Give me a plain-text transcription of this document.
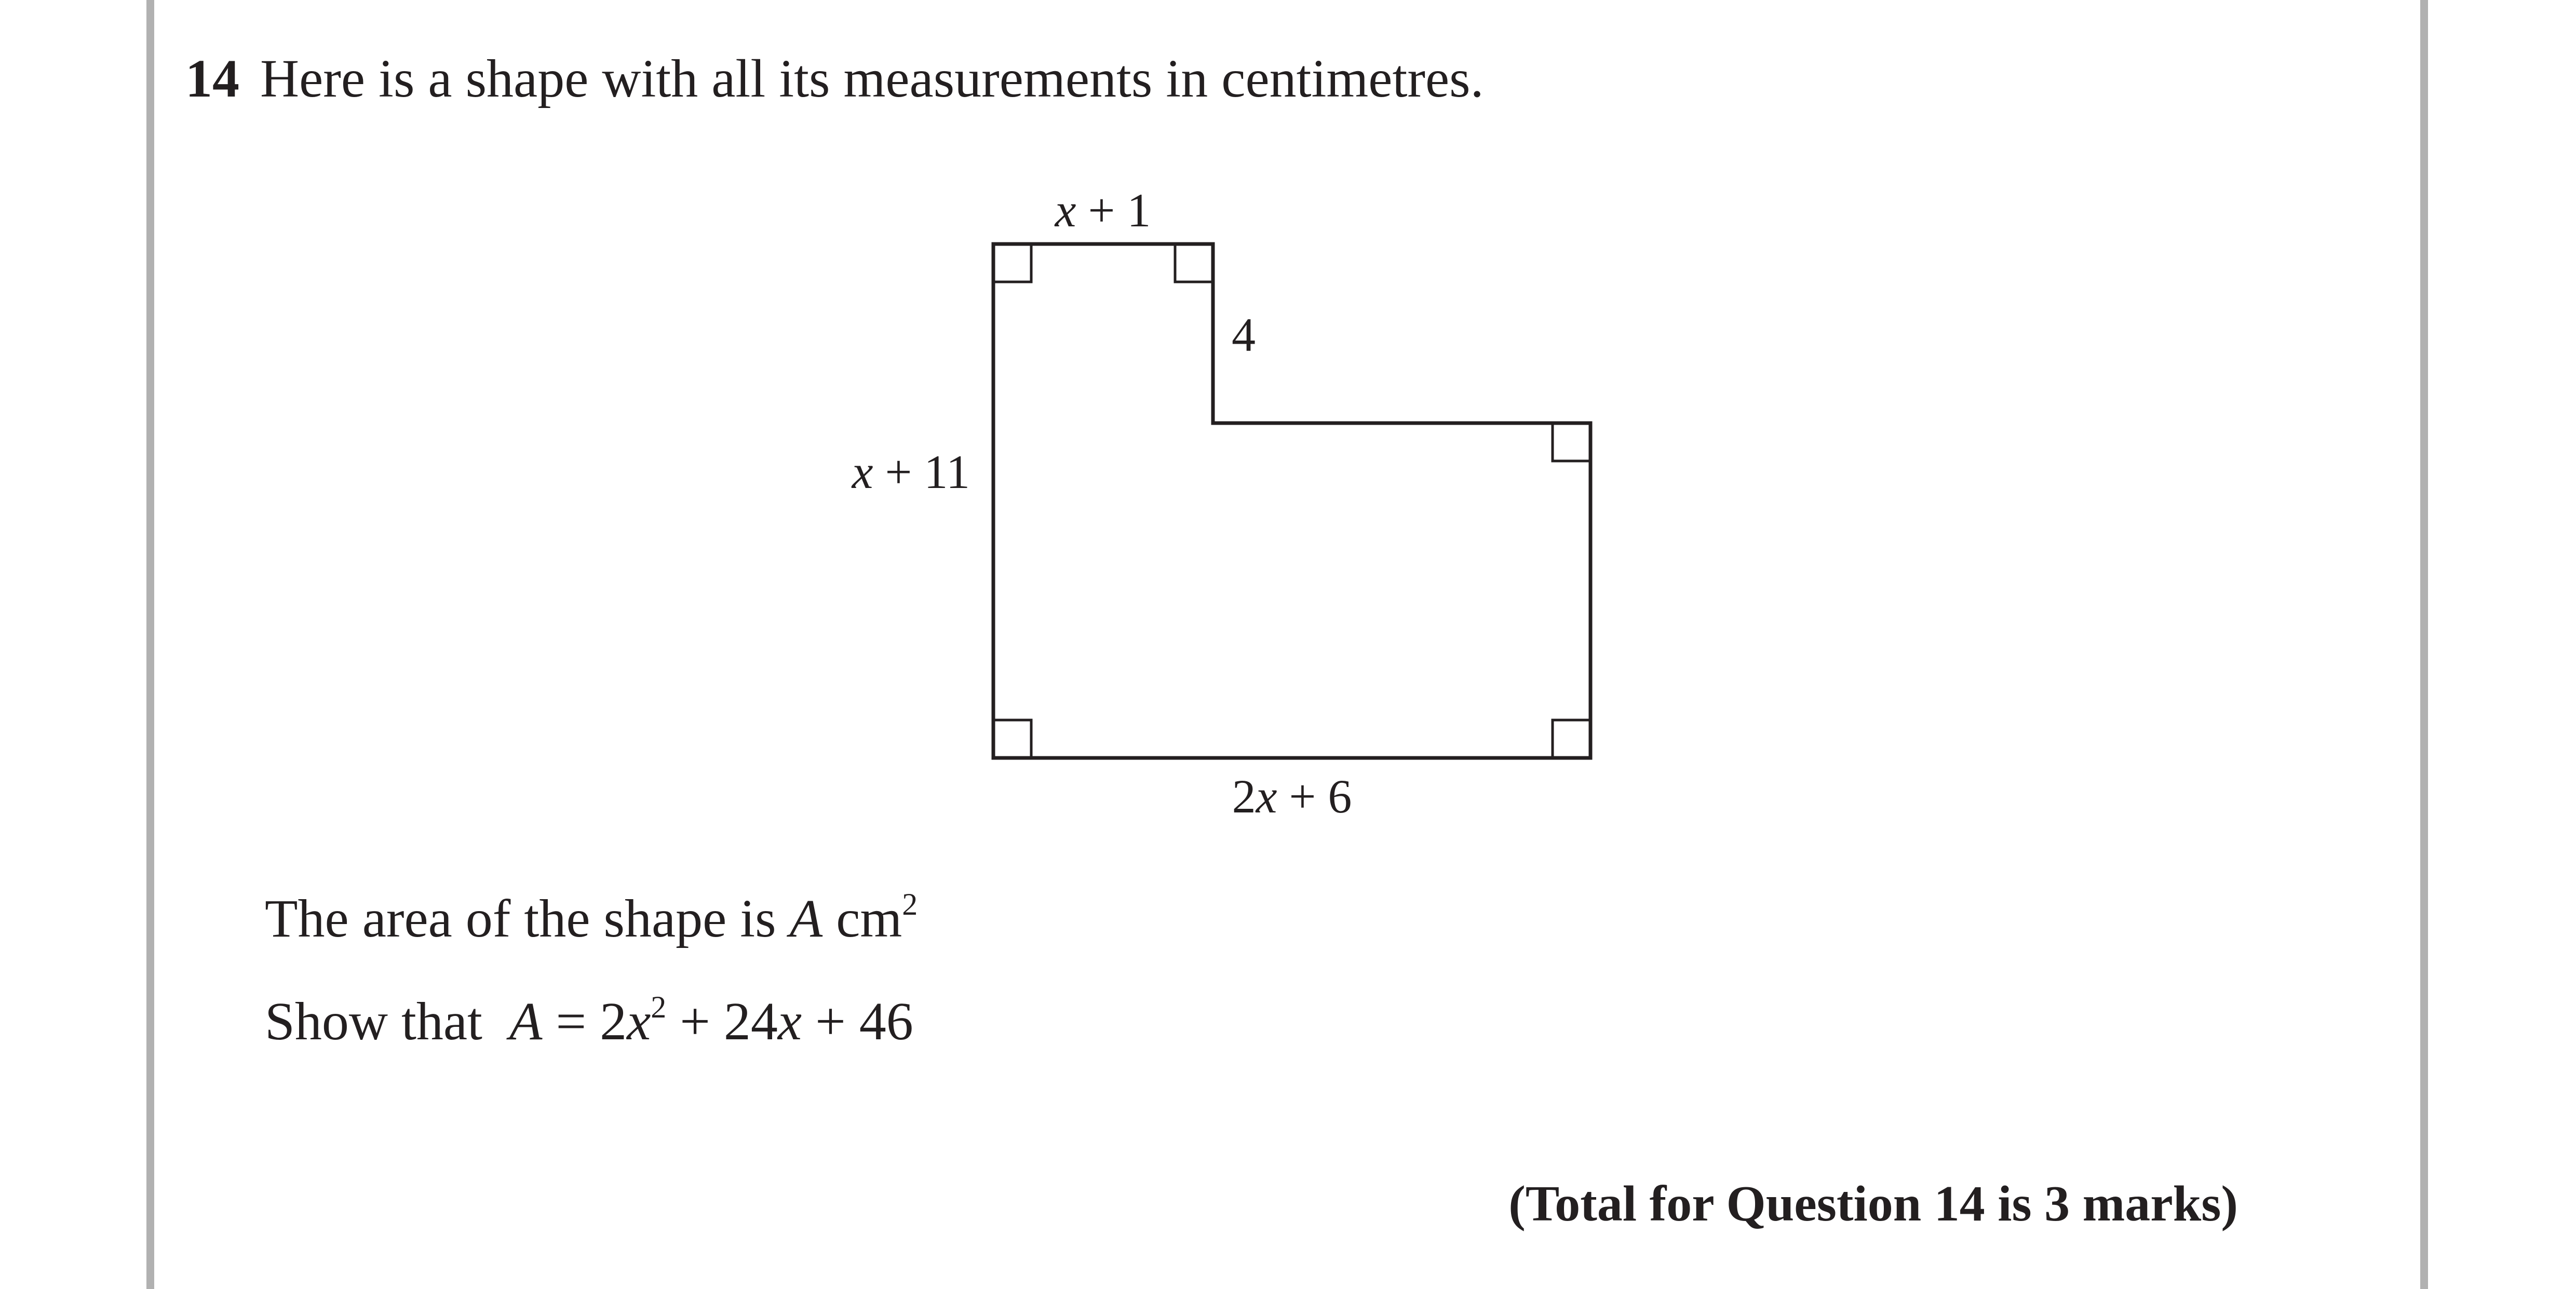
14 Here is a shape with all its measurements in centimetres.
x + 1
4
x + 11
2x + 6
The area of the shape is A $cm^2$
Show that  $A = 2x^2 + 24x + 46$
(Total for Question 14 is 3 marks)
